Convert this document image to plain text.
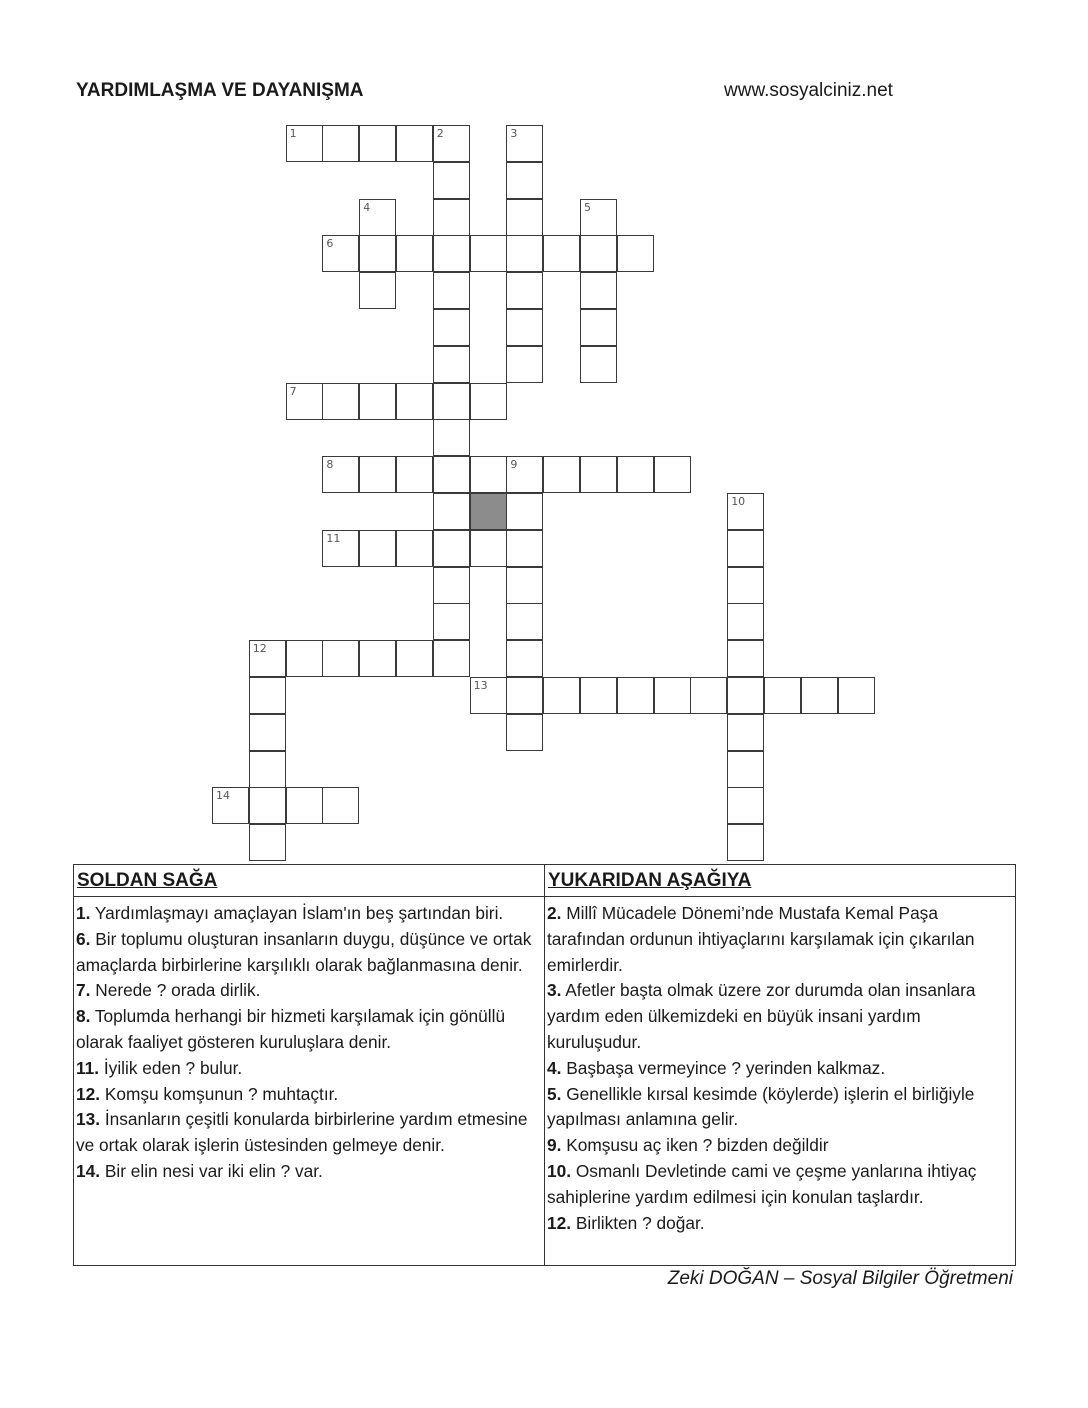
YARDIMLAŞMA VE DAYANIŞMA	www.sosyalciniz.net
1	2	3
4	5
6
7
8	9
10
11
12
13
14
SOLDAN SAĞA
1. Yardımlaşmayı amaçlayan İslam'ın beş şartından biri.
6. Bir toplumu oluşturan insanların duygu, düşünce ve ortak amaçlarda birbirlerine karşılıklı olarak bağlanmasına denir.
7. Nerede ? orada dirlik.
8. Toplumda herhangi bir hizmeti karşılamak için gönüllü olarak faaliyet gösteren kuruluşlara denir.
11. İyilik eden ? bulur.
12. Komşu komşunun ? muhtaçtır.
13. İnsanların çeşitli konularda birbirlerine yardım etmesine ve ortak olarak işlerin üstesinden gelmeye denir.
14. Bir elin nesi var iki elin ? var.
YUKARIDAN AŞAĞIYA
2. Millî Mücadele Dönemi’nde Mustafa Kemal Paşa tarafından ordunun ihtiyaçlarını karşılamak için çıkarılan emirlerdir.
3. Afetler başta olmak üzere zor durumda olan insanlara yardım eden ülkemizdeki en büyük insani yardım kuruluşudur.
4. Başbaşa vermeyince ? yerinden kalkmaz.
5. Genellikle kırsal kesimde (köylerde) işlerin el birliğiyle yapılması anlamına gelir.
9. Komşusu aç iken ? bizden değildir
10. Osmanlı Devletinde cami ve çeşme yanlarına ihtiyaç sahiplerine yardım edilmesi için konulan taşlardır.
12. Birlikten ? doğar.
Zeki DOĞAN – Sosyal Bilgiler Öğretmeni
